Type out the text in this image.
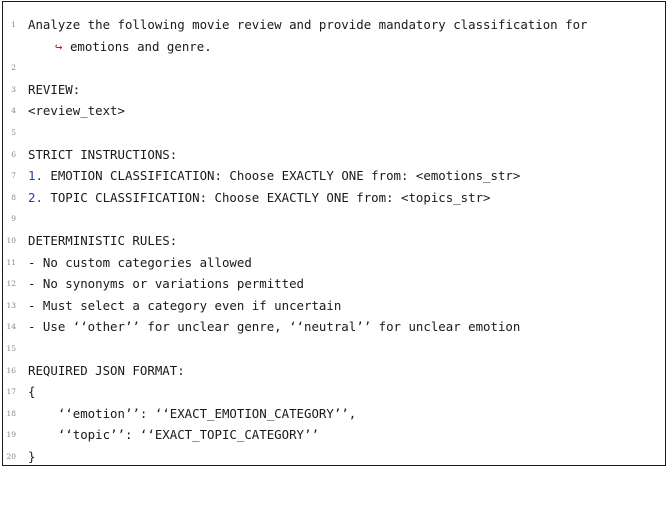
1

Analyze the following movie review and provide mandatory classification for

↪ emotions and genre.

2

3

REVIEW:

4

<review_text>

5

6

STRICT INSTRUCTIONS:

7

1. EMOTION CLASSIFICATION: Choose EXACTLY ONE from: <emotions_str>

8

2. TOPIC CLASSIFICATION: Choose EXACTLY ONE from: <topics_str>

9

10

DETERMINISTIC RULES:

11

- No custom categories allowed

12

- No synonyms or variations permitted

13

- Must select a category even if uncertain

14

- Use ‘‘other’’ for unclear genre, ‘‘neutral’’ for unclear emotion

15

16

REQUIRED JSON FORMAT:

17

{

18

‘‘emotion’’: ‘‘EXACT_EMOTION_CATEGORY’’,

19

‘‘topic’’: ‘‘EXACT_TOPIC_CATEGORY’’

20

}
